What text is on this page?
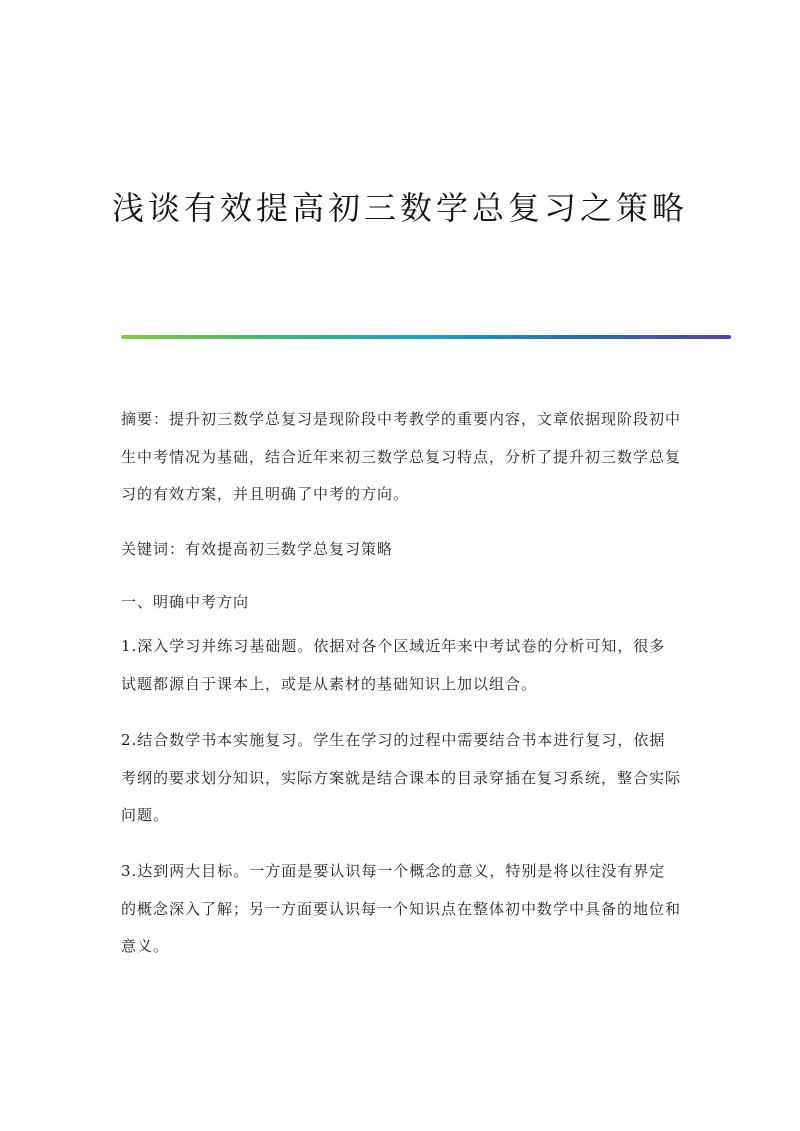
浅谈有效提高初三数学总复习之策略

摘要：提升初三数学总复习是现阶段中考教学的重要内容，文章依据现阶段初中生中考情况为基础，结合近年来初三数学总复习特点，分析了提升初三数学总复习的有效方案，并且明确了中考的方向。

关键词：有效提高初三数学总复习策略

一、明确中考方向

1.深入学习并练习基础题。依据对各个区域近年来中考试卷的分析可知，很多试题都源自于课本上，或是从素材的基础知识上加以组合。

2.结合数学书本实施复习。学生在学习的过程中需要结合书本进行复习，依据考纲的要求划分知识，实际方案就是结合课本的目录穿插在复习系统，整合实际问题。

3.达到两大目标。一方面是要认识每一个概念的意义，特别是将以往没有界定的概念深入了解；另一方面要认识每一个知识点在整体初中数学中具备的地位和意义。
